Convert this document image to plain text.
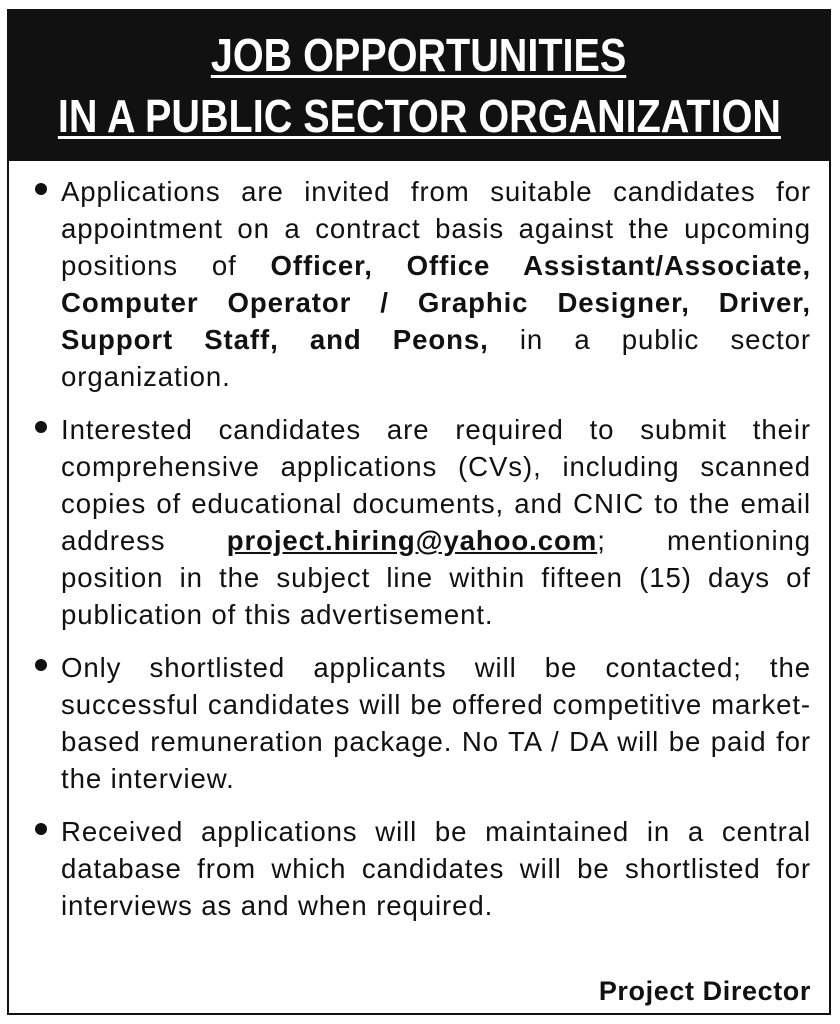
JOB OPPORTUNITIES
IN A PUBLIC SECTOR ORGANIZATION

Applications are invited from suitable candidates for appointment on a contract basis against the upcoming positions of Officer, Office Assistant/Associate, Computer Operator / Graphic Designer, Driver, Support Staff, and Peons, in a public sector organization.

Interested candidates are required to submit their comprehensive applications (CVs), including scanned copies of educational documents, and CNIC to the email address project.hiring@yahoo.com; mentioning position in the subject line within fifteen (15) days of publication of this advertisement.

Only shortlisted applicants will be contacted; the successful candidates will be offered competitive market-based remuneration package. No TA / DA will be paid for the interview.

Received applications will be maintained in a central database from which candidates will be shortlisted for interviews as and when required.

Project Director
